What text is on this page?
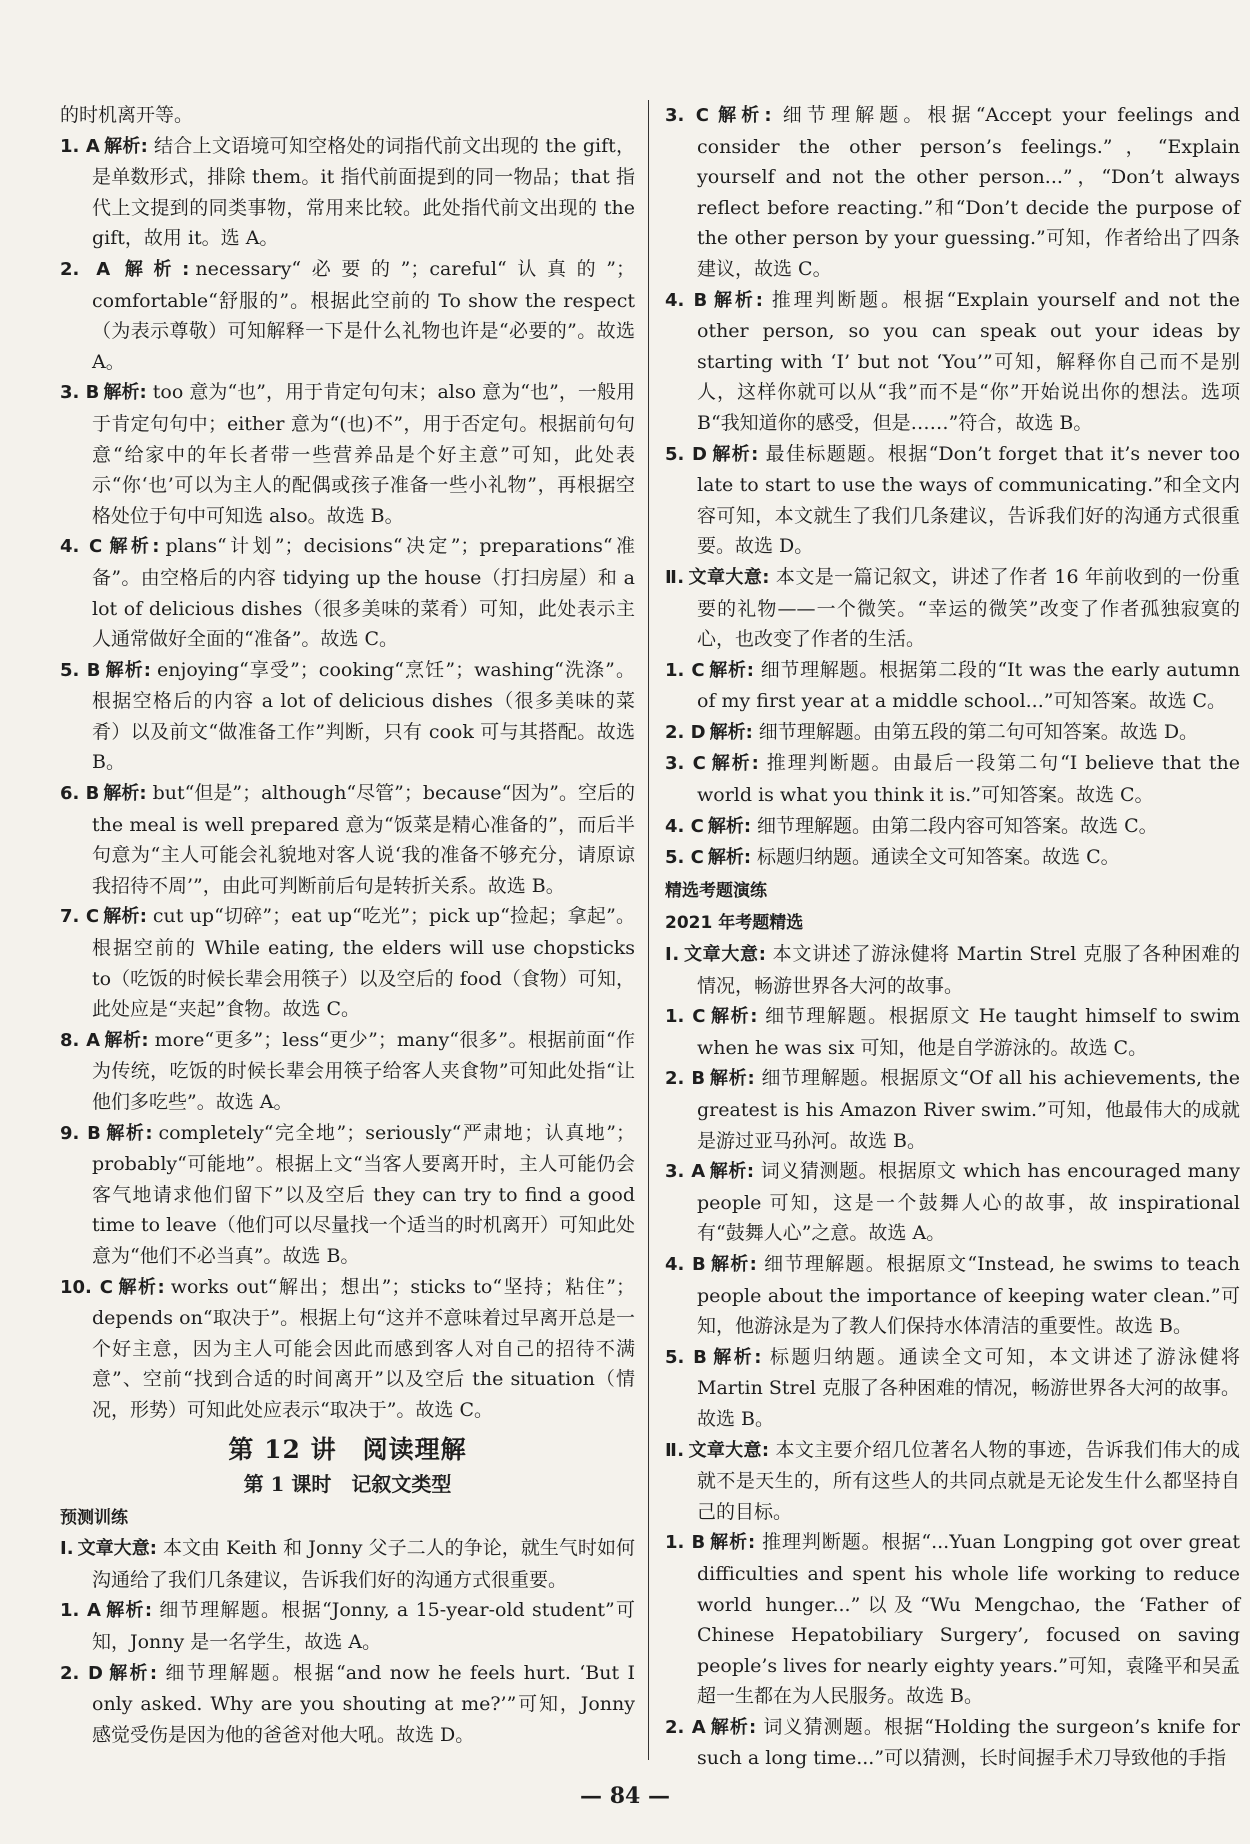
的时机离开等。

1. A 解析: 结合上文语境可知空格处的词指代前文出现的 the gift，是单数形式，排除 them。it 指代前面提到的同一物品；that 指代上文提到的同类事物，常用来比较。此处指代前文出现的 the gift，故用 it。选 A。

2. A 解析: necessary“必要的”；careful“认真的”；comfortable“舒服的”。根据此空前的 To show the respect（为表示尊敬）可知解释一下是什么礼物也许是“必要的”。故选 A。

3. B 解析: too 意为“也”，用于肯定句句末；also 意为“也”，一般用于肯定句句中；either 意为“(也)不”，用于否定句。根据前句句意“给家中的年长者带一些营养品是个好主意”可知，此处表示“你‘也’可以为主人的配偶或孩子准备一些小礼物”，再根据空格处位于句中可知选 also。故选 B。

4. C 解析: plans“计划”；decisions“决定”；preparations“准备”。由空格后的内容 tidying up the house（打扫房屋）和 a lot of delicious dishes（很多美味的菜肴）可知，此处表示主人通常做好全面的“准备”。故选 C。

5. B 解析: enjoying“享受”；cooking“烹饪”；washing“洗涤”。根据空格后的内容 a lot of delicious dishes（很多美味的菜肴）以及前文“做准备工作”判断，只有 cook 可与其搭配。故选 B。

6. B 解析: but“但是”；although“尽管”；because“因为”。空后的 the meal is well prepared 意为“饭菜是精心准备的”，而后半句意为“主人可能会礼貌地对客人说‘我的准备不够充分，请原谅我招待不周’”，由此可判断前后句是转折关系。故选 B。

7. C 解析: cut up“切碎”；eat up“吃光”；pick up“捡起；拿起”。根据空前的 While eating, the elders will use chopsticks to（吃饭的时候长辈会用筷子）以及空后的 food（食物）可知，此处应是“夹起”食物。故选 C。

8. A 解析: more“更多”；less“更少”；many“很多”。根据前面“作为传统，吃饭的时候长辈会用筷子给客人夹食物”可知此处指“让他们多吃些”。故选 A。

9. B 解析: completely“完全地”；seriously“严肃地；认真地”；probably“可能地”。根据上文“当客人要离开时，主人可能仍会客气地请求他们留下”以及空后 they can try to find a good time to leave（他们可以尽量找一个适当的时机离开）可知此处意为“他们不必当真”。故选 B。

10. C 解析: works out“解出；想出”；sticks to“坚持；粘住”；depends on“取决于”。根据上句“这并不意味着过早离开总是一个好主意，因为主人可能会因此而感到客人对自己的招待不满意”、空前“找到合适的时间离开”以及空后 the situation（情况，形势）可知此处应表示“取决于”。故选 C。

第 12 讲　阅读理解

第 1 课时　记叙文类型

预测训练

Ⅰ. 文章大意: 本文由 Keith 和 Jonny 父子二人的争论，就生气时如何沟通给了我们几条建议，告诉我们好的沟通方式很重要。

1. A 解析: 细节理解题。根据“Jonny, a 15-year-old student”可知，Jonny 是一名学生，故选 A。

2. D 解析: 细节理解题。根据“and now he feels hurt. ‘But I only asked. Why are you shouting at me?’”可知，Jonny 感觉受伤是因为他的爸爸对他大吼。故选 D。

3. C 解析: 细节理解题。根据“Accept your feelings and consider the other person’s feelings.”，“Explain yourself and not the other person...”，“Don’t always reflect before reacting.”和“Don’t decide the purpose of the other person by your guessing.”可知，作者给出了四条建议，故选 C。

4. B 解析: 推理判断题。根据“Explain yourself and not the other person, so you can speak out your ideas by starting with ‘I’ but not ‘You’”可知，解释你自己而不是别人，这样你就可以从“我”而不是“你”开始说出你的想法。选项 B“我知道你的感受，但是……”符合，故选 B。

5. D 解析: 最佳标题题。根据“Don’t forget that it’s never too late to start to use the ways of communicating.”和全文内容可知，本文就生了我们几条建议，告诉我们好的沟通方式很重要。故选 D。

Ⅱ. 文章大意: 本文是一篇记叙文，讲述了作者 16 年前收到的一份重要的礼物——一个微笑。“幸运的微笑”改变了作者孤独寂寞的心，也改变了作者的生活。

1. C 解析: 细节理解题。根据第二段的“It was the early autumn of my first year at a middle school...”可知答案。故选 C。

2. D 解析: 细节理解题。由第五段的第二句可知答案。故选 D。

3. C 解析: 推理判断题。由最后一段第二句“I believe that the world is what you think it is.”可知答案。故选 C。

4. C 解析: 细节理解题。由第二段内容可知答案。故选 C。

5. C 解析: 标题归纳题。通读全文可知答案。故选 C。

精选考题演练

2021 年考题精选

Ⅰ. 文章大意: 本文讲述了游泳健将 Martin Strel 克服了各种困难的情况，畅游世界各大河的故事。

1. C 解析: 细节理解题。根据原文 He taught himself to swim when he was six 可知，他是自学游泳的。故选 C。

2. B 解析: 细节理解题。根据原文“Of all his achievements, the greatest is his Amazon River swim.”可知，他最伟大的成就是游过亚马孙河。故选 B。

3. A 解析: 词义猜测题。根据原文 which has encouraged many people 可知，这是一个鼓舞人心的故事，故 inspirational 有“鼓舞人心”之意。故选 A。

4. B 解析: 细节理解题。根据原文“Instead, he swims to teach people about the importance of keeping water clean.”可知，他游泳是为了教人们保持水体清洁的重要性。故选 B。

5. B 解析: 标题归纳题。通读全文可知，本文讲述了游泳健将 Martin Strel 克服了各种困难的情况，畅游世界各大河的故事。故选 B。

Ⅱ. 文章大意: 本文主要介绍几位著名人物的事迹，告诉我们伟大的成就不是天生的，所有这些人的共同点就是无论发生什么都坚持自己的目标。

1. B 解析: 推理判断题。根据“...Yuan Longping got over great difficulties and spent his whole life working to reduce world hunger...”以及“Wu Mengchao, the ‘Father of Chinese Hepatobiliary Surgery’, focused on saving people’s lives for nearly eighty years.”可知，袁隆平和吴孟超一生都在为人民服务。故选 B。

2. A 解析: 词义猜测题。根据“Holding the surgeon’s knife for such a long time...”可以猜测，长时间握手术刀导致他的手指

— 84 —
